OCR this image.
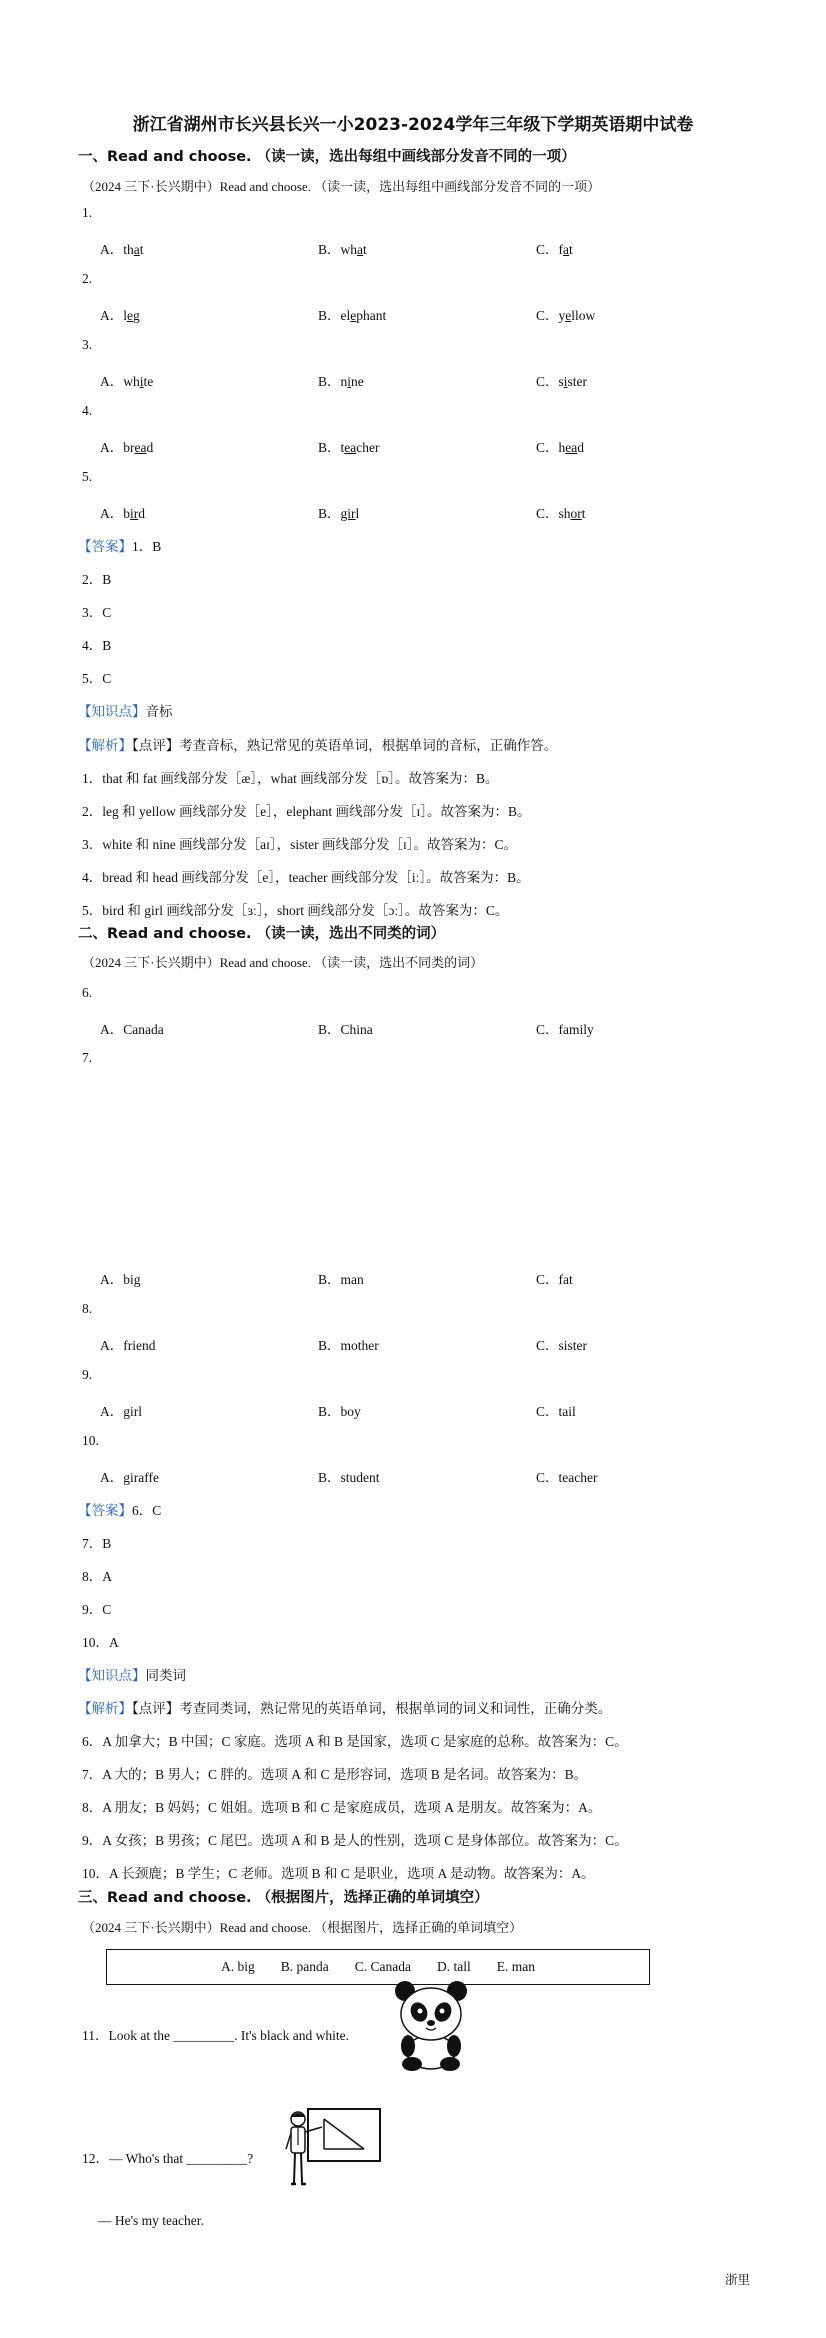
浙江省湖州市长兴县长兴一小2023-2024学年三年级下学期英语期中试卷
一、Read and choose. （读一读，选出每组中画线部分发音不同的一项）
（2024 三下·长兴期中）Read and choose. （读一读，选出每组中画线部分发音不同的一项）
1.
A．that	B．what	C．fat
2.
A．leg	B．elephant	C．yellow
3.
A．white	B．nine	C．sister
4.
A．bread	B．teacher	C．head
5.
A．bird	B．girl	C．short
【答案】1．B
2．B
3．C
4．B
5．C
【知识点】音标
【解析】【点评】考查音标，熟记常见的英语单词，根据单词的音标，正确作答。
1．that 和 fat 画线部分发［æ］，what 画线部分发［ɒ］。故答案为：B。
2．leg 和 yellow 画线部分发［e］，elephant 画线部分发［ɪ］。故答案为：B。
3．white 和 nine 画线部分发［aɪ］，sister 画线部分发［ɪ］。故答案为：C。
4．bread 和 head 画线部分发［e］，teacher 画线部分发［iː］。故答案为：B。
5．bird 和 girl 画线部分发［ɜː］，short 画线部分发［ɔː］。故答案为：C。
二、Read and choose. （读一读，选出不同类的词）
（2024 三下·长兴期中）Read and choose. （读一读，选出不同类的词）
6.
A．Canada	B．China	C．family
7.
A．big	B．man	C．fat
8.
A．friend	B．mother	C．sister
9.
A．girl	B．boy	C．tail
10.
A．giraffe	B．student	C．teacher
【答案】6．C
7．B
8．A
9．C
10．A
【知识点】同类词
【解析】【点评】考查同类词，熟记常见的英语单词，根据单词的词义和词性，正确分类。
6．A 加拿大；B 中国；C 家庭。选项 A 和 B 是国家，选项 C 是家庭的总称。故答案为：C。
7．A 大的；B 男人；C 胖的。选项 A 和 C 是形容词，选项 B 是名词。故答案为：B。
8．A 朋友；B 妈妈；C 姐姐。选项 B 和 C 是家庭成员，选项 A 是朋友。故答案为：A。
9．A 女孩；B 男孩；C 尾巴。选项 A 和 B 是人的性别，选项 C 是身体部位。故答案为：C。
10．A 长颈鹿；B 学生；C 老师。选项 B 和 C 是职业，选项 A 是动物。故答案为：A。
三、Read and choose. （根据图片，选择正确的单词填空）
（2024 三下·长兴期中）Read and choose. （根据图片，选择正确的单词填空）
A. big B. panda C. Canada D. tall E. man
11．Look at the _________. It's black and white.
12．— Who's that _________?
— He's my teacher.
浙里
